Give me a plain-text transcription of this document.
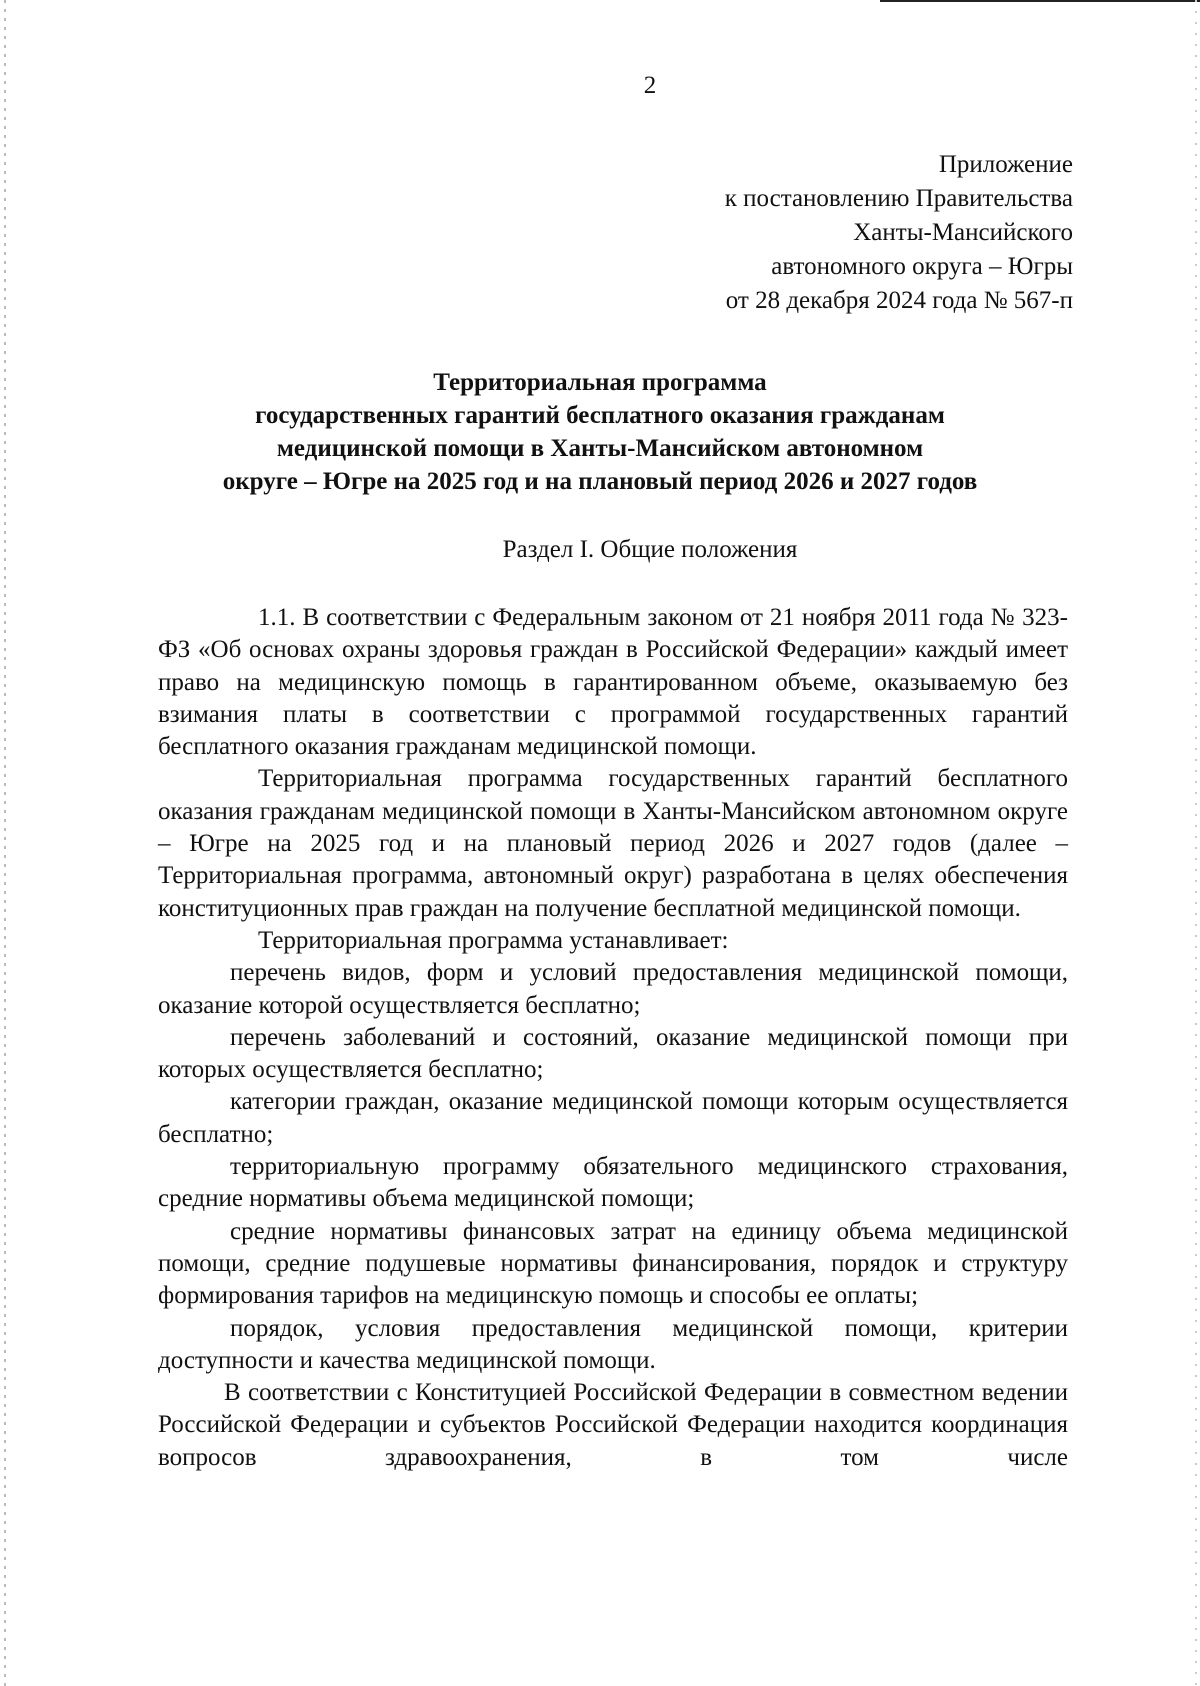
2
Приложение
к постановлению Правительства
Ханты-Мансийского
автономного округа – Югры
от 28 декабря 2024 года № 567-п
Территориальная программа
государственных гарантий бесплатного оказания гражданам
медицинской помощи в Ханты-Мансийском автономном
округе – Югре на 2025 год и на плановый период 2026 и 2027 годов
Раздел I. Общие положения

1.1. В соответствии с Федеральным законом от 21 ноября 2011 года № 323-ФЗ «Об основах охраны здоровья граждан в Российской Федерации» каждый имеет право на медицинскую помощь в гарантированном объеме, оказываемую без взимания платы в соответствии с программой государственных гарантий бесплатного оказания гражданам медицинской помощи.

Территориальная программа государственных гарантий бесплатного оказания гражданам медицинской помощи в Ханты-Мансийском автономном округе – Югре на 2025 год и на плановый период 2026 и 2027 годов (далее – Территориальная программа, автономный округ) разработана в целях обеспечения конституционных прав граждан на получение бесплатной медицинской помощи.

Территориальная программа устанавливает:

перечень видов, форм и условий предоставления медицинской помощи, оказание которой осуществляется бесплатно;

перечень заболеваний и состояний, оказание медицинской помощи при которых осуществляется бесплатно;

категории граждан, оказание медицинской помощи которым осуществляется бесплатно;

территориальную программу обязательного медицинского страхования, средние нормативы объема медицинской помощи;

средние нормативы финансовых затрат на единицу объема медицинской помощи, средние подушевые нормативы финансирования, порядок и структуру формирования тарифов на медицинскую помощь и способы ее оплаты;

порядок, условия предоставления медицинской помощи, критерии доступности и качества медицинской помощи.

В соответствии с Конституцией Российской Федерации в совместном ведении Российской Федерации и субъектов Российской Федерации находится координация вопросов здравоохранения, в том числе
